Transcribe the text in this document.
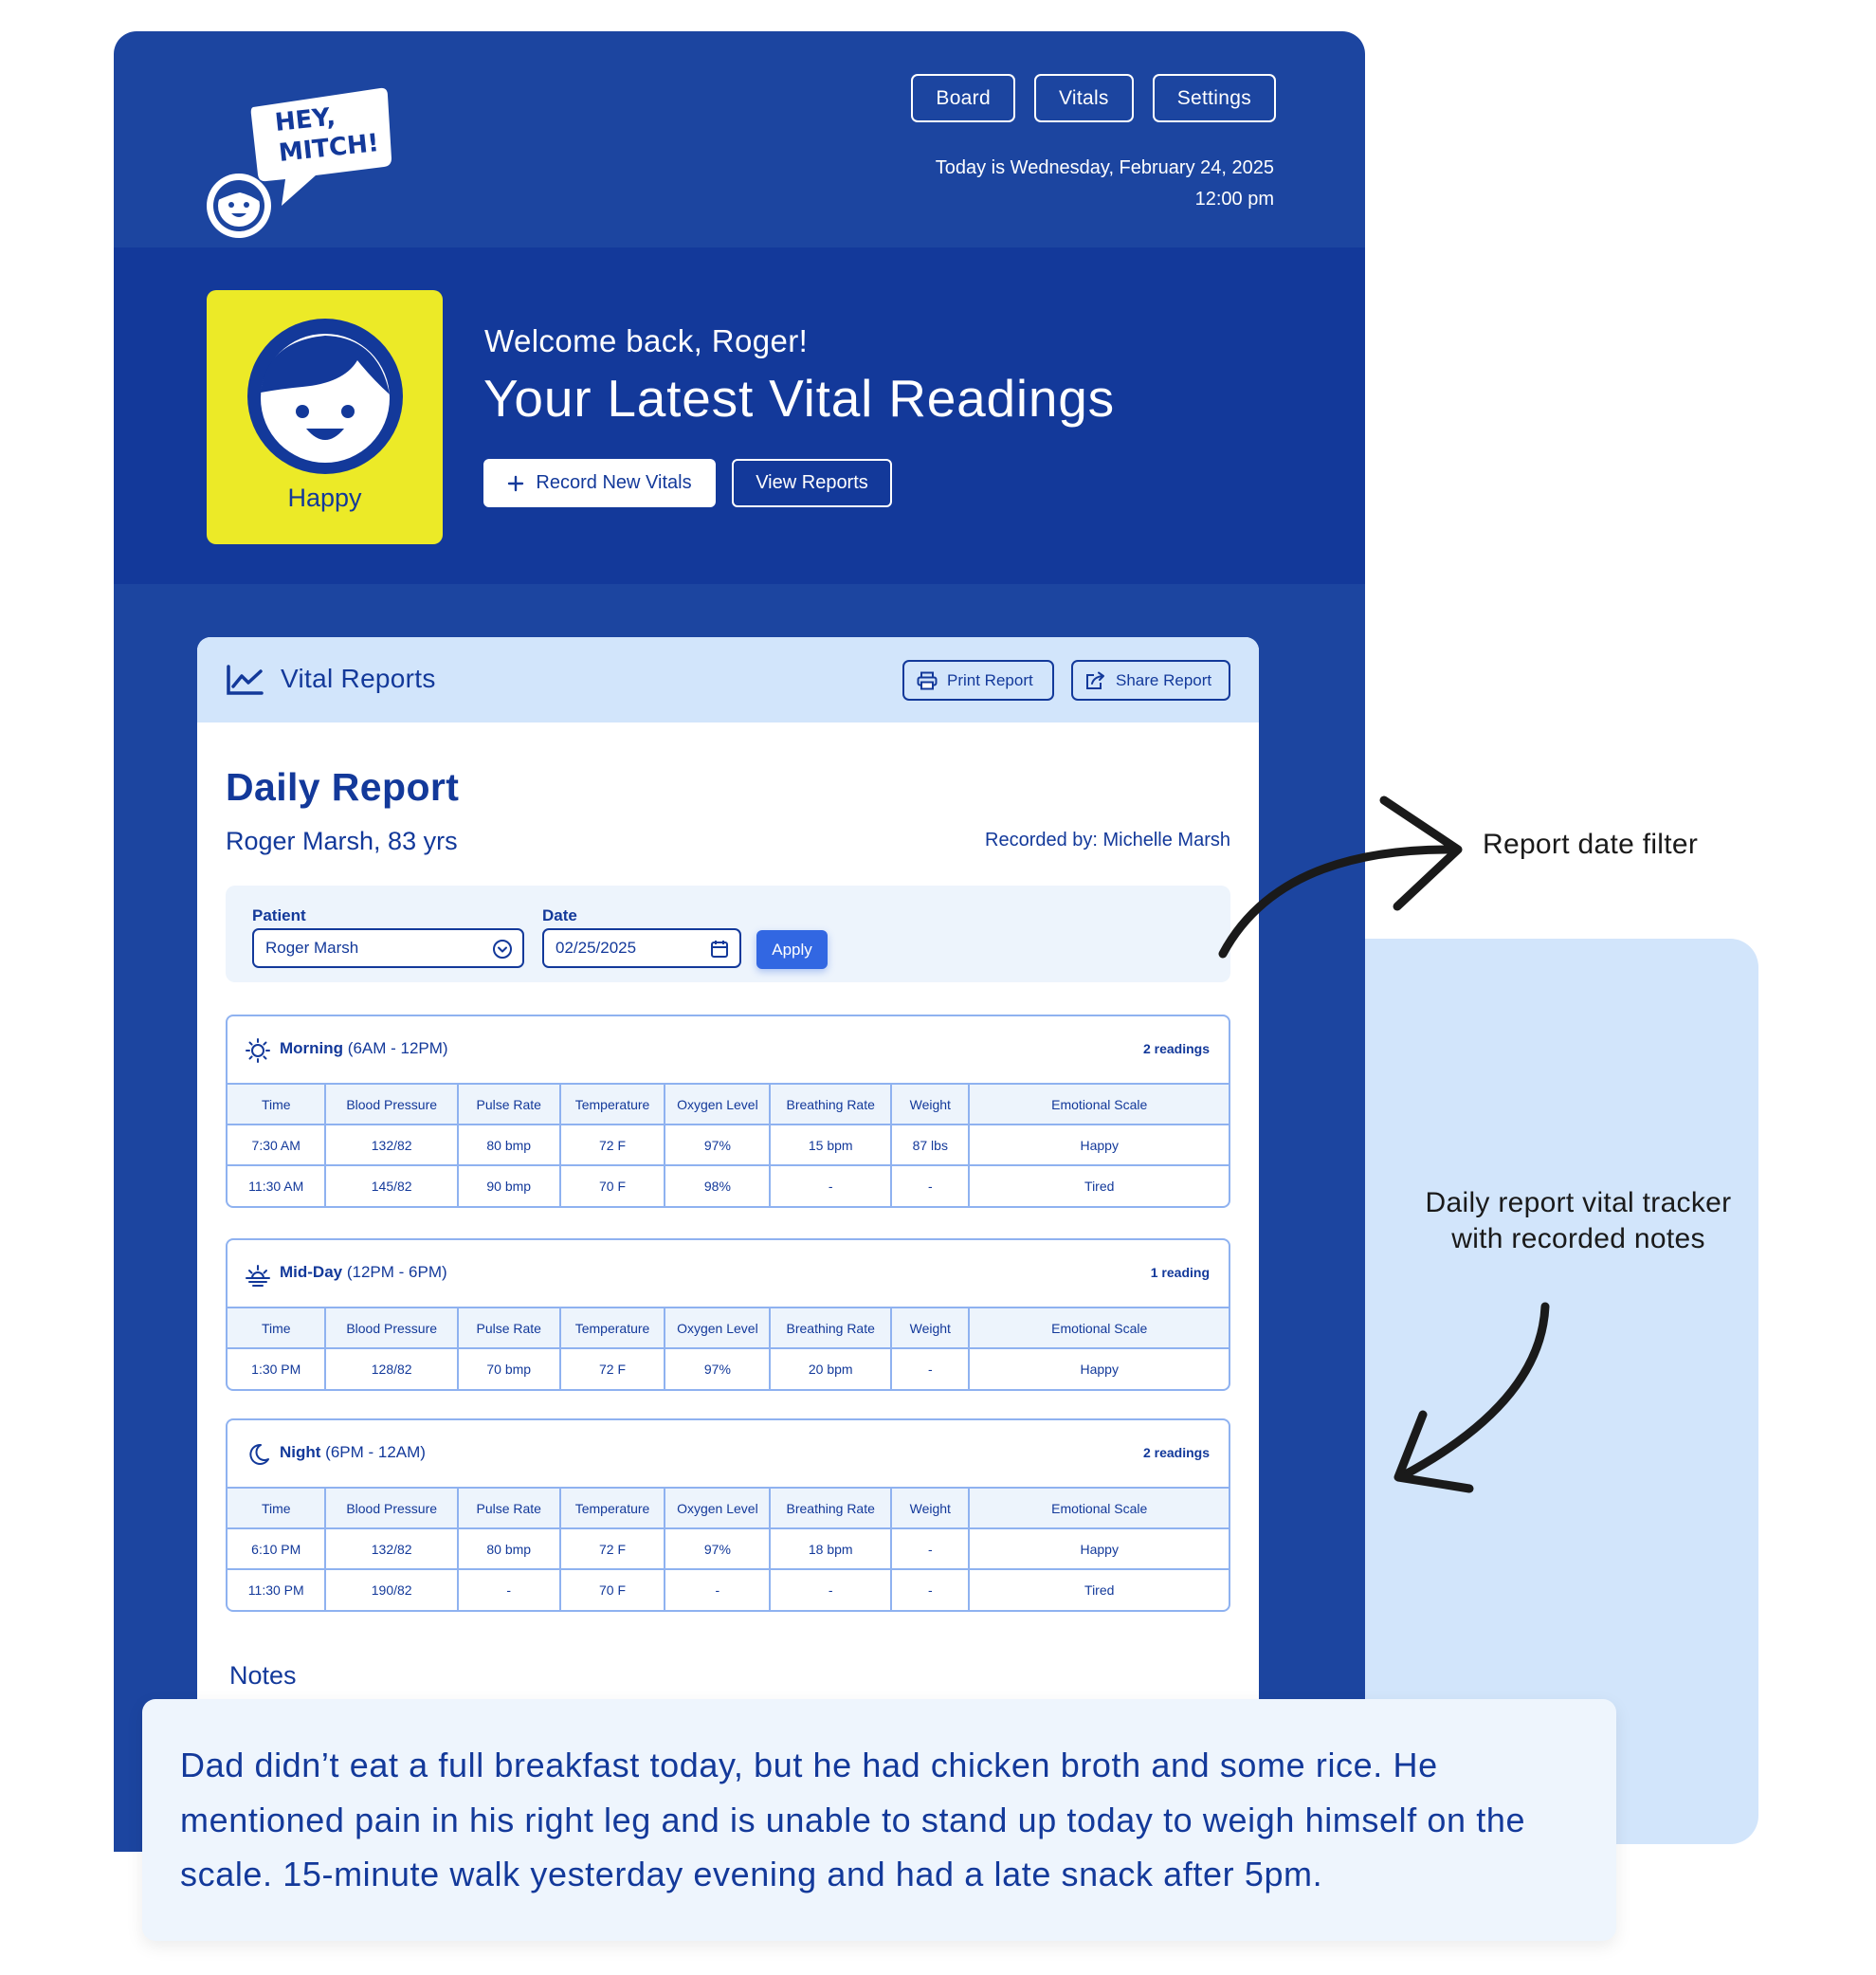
HEY,
MITCH!
Board	Vitals	Settings
Today is Wednesday, February 24, 2025
12:00 pm
Happy
Welcome back, Roger!
Your Latest Vital Readings
Record New Vitals	View Reports
Vital Reports	Print Report	Share Report
Daily Report
Roger Marsh, 83 yrs	Recorded by: Michelle Marsh
Patient
Roger Marsh
Date
02/25/2025	Apply
Morning (6AM - 12PM)	2 readings
Time	Blood Pressure	Pulse Rate	Temperature	Oxygen Level	Breathing Rate	Weight	Emotional Scale
7:30 AM	132/82	80 bmp	72 F	97%	15 bpm	87 lbs	Happy
11:30 AM	145/82	90 bmp	70 F	98%	-	-	Tired
Mid-Day (12PM - 6PM)	1 reading
Time	Blood Pressure	Pulse Rate	Temperature	Oxygen Level	Breathing Rate	Weight	Emotional Scale
1:30 PM	128/82	70 bmp	72 F	97%	20 bpm	-	Happy
Night (6PM - 12AM)	2 readings
Time	Blood Pressure	Pulse Rate	Temperature	Oxygen Level	Breathing Rate	Weight	Emotional Scale
6:10 PM	132/82	80 bmp	72 F	97%	18 bpm	-	Happy
11:30 PM	190/82	-	70 F	-	-	-	Tired
Notes
Report date filter
Daily report vital tracker with recorded notes
Dad didn’t eat a full breakfast today, but he had chicken broth and some rice. He mentioned pain in his right leg and is unable to stand up today to weigh himself on the scale. 15-minute walk yesterday evening and had a late snack after 5pm.
